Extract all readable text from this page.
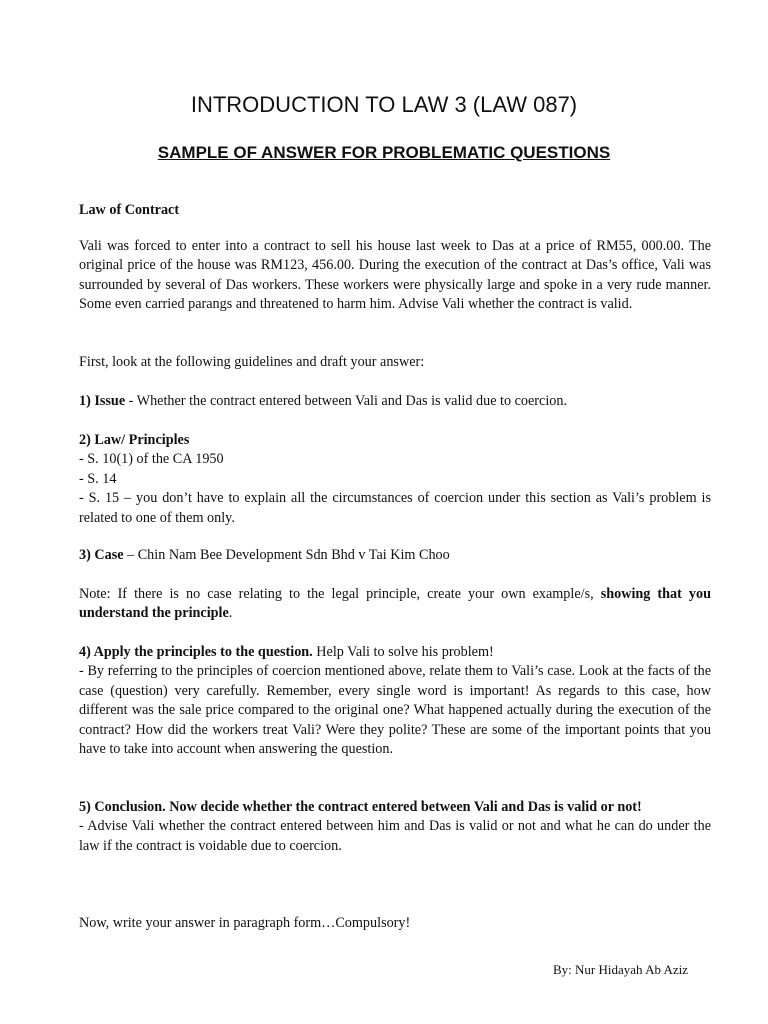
INTRODUCTION TO LAW 3 (LAW 087)
SAMPLE OF ANSWER FOR PROBLEMATIC QUESTIONS

Law of Contract

Vali was forced to enter into a contract to sell his house last week to Das at a price of RM55, 000.00. The original price of the house was RM123, 456.00. During the execution of the contract at Das’s office, Vali was surrounded by several of Das workers. These workers were physically large and spoke in a very rude manner. Some even carried parangs and threatened to harm him. Advise Vali whether the contract is valid.

First, look at the following guidelines and draft your answer:

1) Issue - Whether the contract entered between Vali and Das is valid due to coercion.

2) Law/ Principles

- S. 10(1) of the CA 1950

- S. 14

- S. 15 – you don’t have to explain all the circumstances of coercion under this section as Vali’s problem is related to one of them only.

3) Case – Chin Nam Bee Development Sdn Bhd v Tai Kim Choo

Note: If there is no case relating to the legal principle, create your own example/s, showing that you understand the principle.

4) Apply the principles to the question. Help Vali to solve his problem!

- By referring to the principles of coercion mentioned above, relate them to Vali’s case. Look at the facts of the case (question) very carefully. Remember, every single word is important! As regards to this case, how different was the sale price compared to the original one? What happened actually during the execution of the contract? How did the workers treat Vali? Were they polite? These are some of the important points that you have to take into account when answering the question.

5) Conclusion. Now decide whether the contract entered between Vali and Das is valid or not!

- Advise Vali whether the contract entered between him and Das is valid or not and what he can do under the law if the contract is voidable due to coercion.

Now, write your answer in paragraph form…Compulsory!

By: Nur Hidayah Ab Aziz
